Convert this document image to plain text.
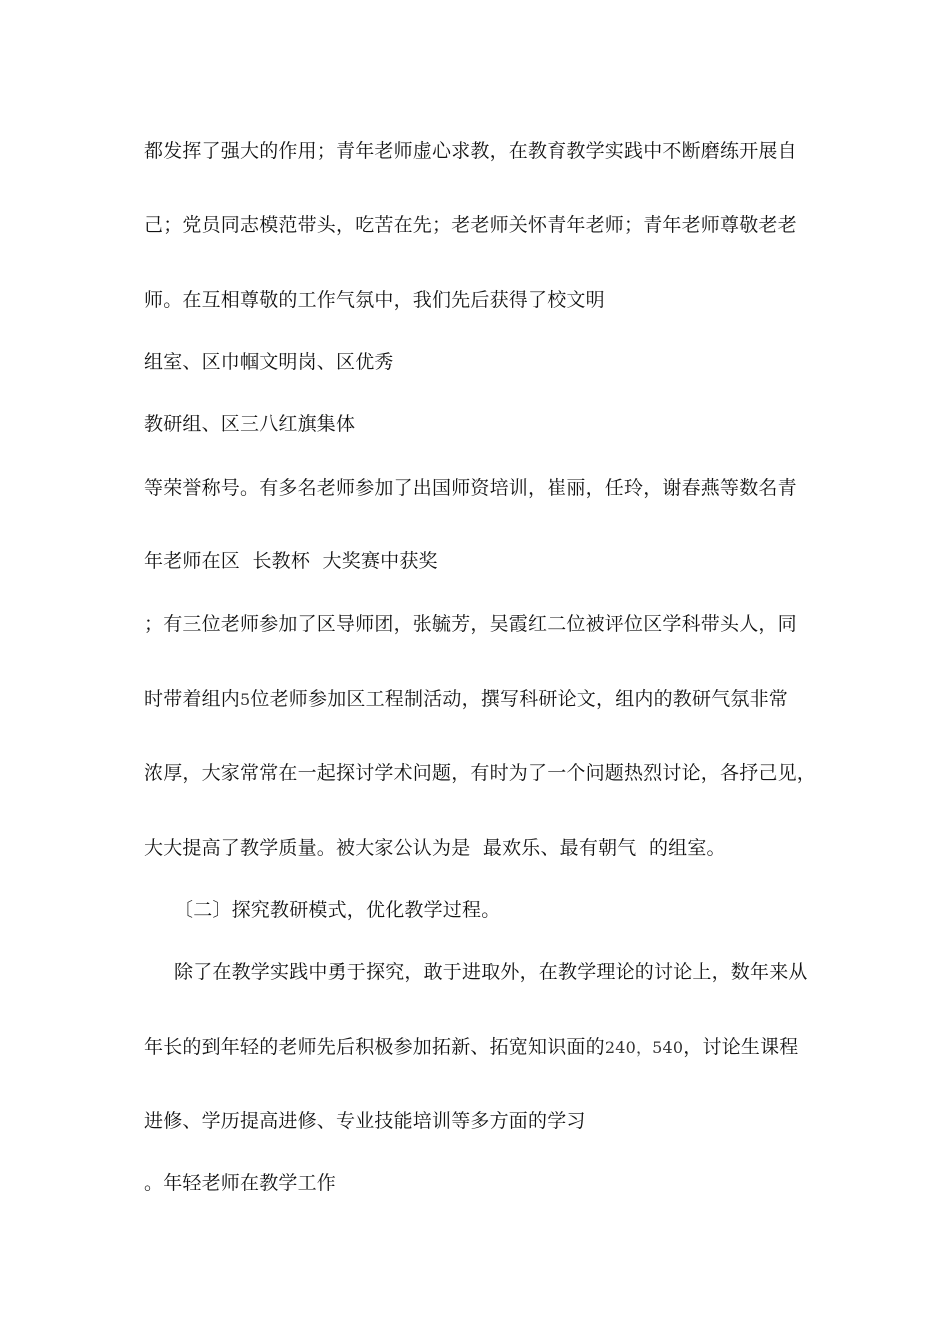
都发挥了强大的作用；青年老师虚心求教，在教育教学实践中不断磨练开展自
己；党员同志模范带头，吃苦在先；老老师关怀青年老师；青年老师尊敬老老
师。在互相尊敬的工作气氛中，我们先后获得了校文明
组室、区巾帼文明岗、区优秀
教研组、区三八红旗集体
等荣誉称号。有多名老师参加了出国师资培训，崔丽，任玲，谢春燕等数名青
年老师在区  长教杯  大奖赛中获奖
；有三位老师参加了区导师团，张毓芳，吴霞红二位被评位区学科带头人，同
时带着组内5位老师参加区工程制活动，撰写科研论文，组内的教研气氛非常
浓厚，大家常常在一起探讨学术问题，有时为了一个问题热烈讨论，各抒己见，
大大提高了教学质量。被大家公认为是  最欢乐、最有朝气  的组室。
〔二〕探究教研模式，优化教学过程。
除了在教学实践中勇于探究，敢于进取外，在教学理论的讨论上，数年来从
年长的到年轻的老师先后积极参加拓新、拓宽知识面的240，540，讨论生课程
进修、学历提高进修、专业技能培训等多方面的学习
。年轻老师在教学工作
